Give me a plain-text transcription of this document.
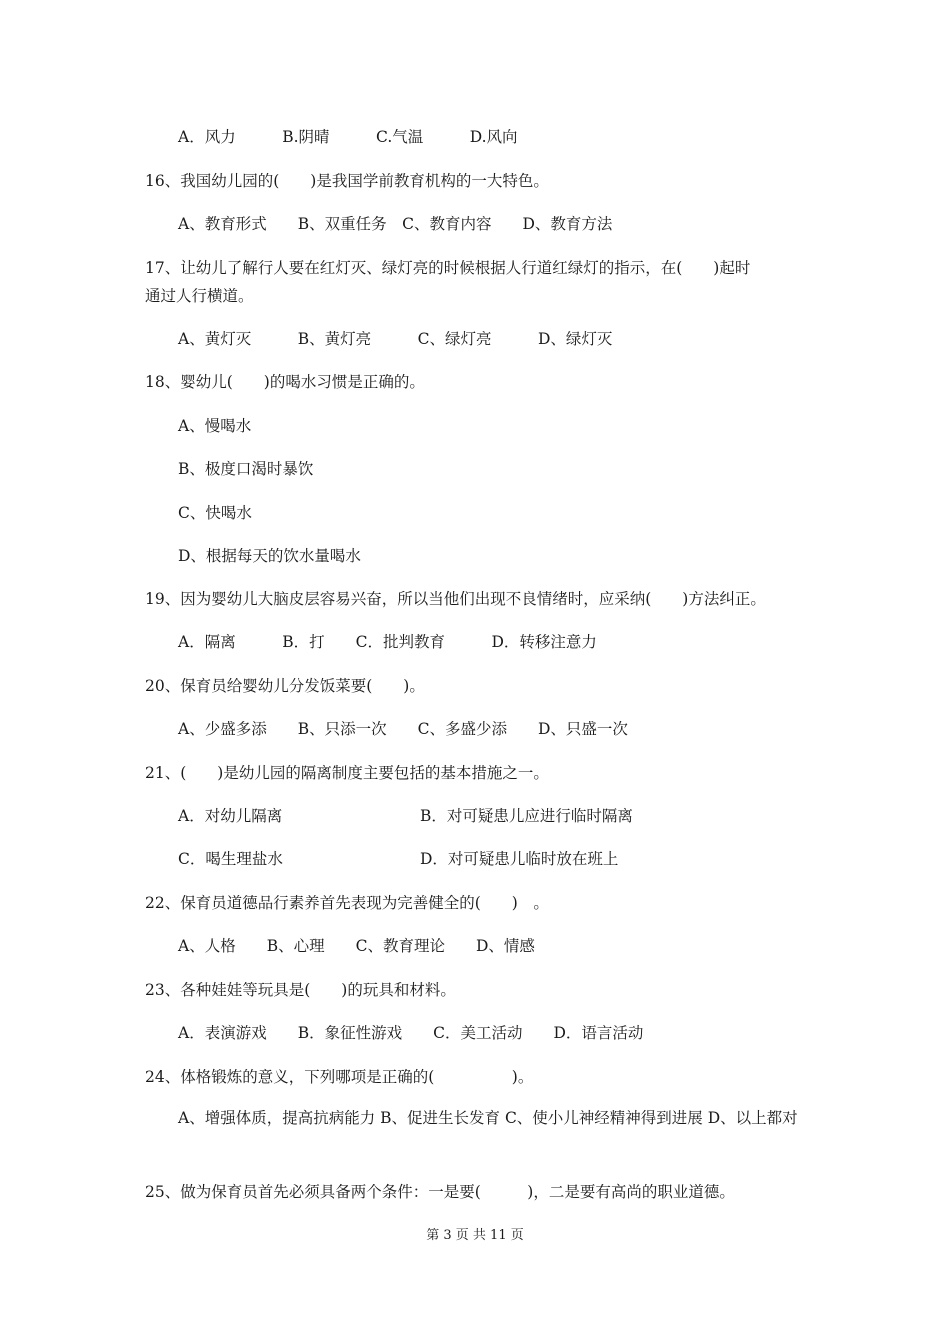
A．风力　　　B.阴晴　　　C.气温　　　D.风向
16、我国幼儿园的(　　)是我国学前教育机构的一大特色。
A、教育形式　　B、双重任务　C、教育内容　　D、教育方法
17、让幼儿了解行人要在红灯灭、绿灯亮的时候根据人行道红绿灯的指示，在(　　)起时
通过人行横道。
A、黄灯灭　　　B、黄灯亮　　　C、绿灯亮　　　D、绿灯灭
18、婴幼儿(　　)的喝水习惯是正确的。
A、慢喝水
B、极度口渴时暴饮
C、快喝水
D、根据每天的饮水量喝水
19、因为婴幼儿大脑皮层容易兴奋，所以当他们出现不良情绪时，应采纳(　　)方法纠正。
A．隔离　　　B．打　　C．批判教育　　　D．转移注意力
20、保育员给婴幼儿分发饭菜要(　　)。
A、少盛多添　　B、只添一次　　C、多盛少添　　D、只盛一次
21、(　　)是幼儿园的隔离制度主要包括的基本措施之一。
A．对幼儿隔离	B．对可疑患儿应进行临时隔离
C．喝生理盐水	D．对可疑患儿临时放在班上
22、保育员道德品行素养首先表现为完善健全的(　　)　。
A、人格　　B、心理　　C、教育理论　　D、情感
23、各种娃娃等玩具是(　　)的玩具和材料。
A．表演游戏　　B．象征性游戏　　C．美工活动　　D．语言活动
24、体格锻炼的意义，下列哪项是正确的(　　　　　)。
A、增强体质，提高抗病能力 B、促进生长发育 C、使小儿神经精神得到进展 D、以上都对
25、做为保育员首先必须具备两个条件：一是要(　　　)，二是要有高尚的职业道德。
第 3 页 共 11 页
